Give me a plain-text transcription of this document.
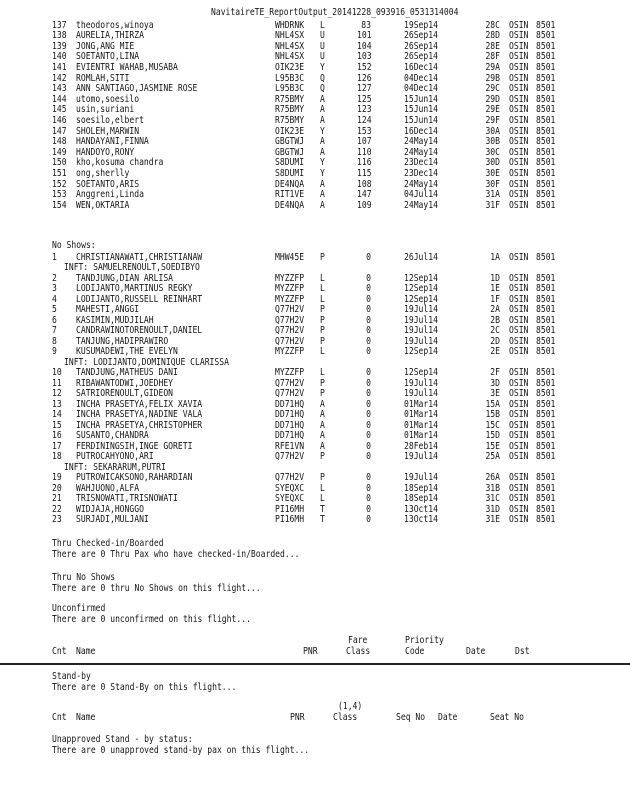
NavitaireTE_ReportOutput_20141228_093916_0531314004
137 theodoros,winoya	WHDRNK L	83	19Sep14	28C OSIN 8501
138 AURELIA,THIRZA	NHL4SX U	101	26Sep14	28D OSIN 8501
139 JONG,ANG MIE	NHL4SX U	104	26Sep14	28E OSIN 8501
140 SOETANTO,LINA	NHL4SX U	103	26Sep14	28F OSIN 8501
141 EVIENTRI WAHAB,MUSABA	OIK23E Y	152	16Dec14	29A OSIN 8501
142 ROMLAH,SITI	L95B3C Q	126	04Dec14	29B OSIN 8501
143 ANN SANTIAGO,JASMINE ROSE	L95B3C Q	127	04Dec14	29C OSIN 8501
144 utomo,soesilo	R75BMY A	125	15Jun14	29D OSIN 8501
145 usin,suriani	R75BMY A	123	15Jun14	29E OSIN 8501
146 soesilo,elbert	R75BMY A	124	15Jun14	29F OSIN 8501
147 SHOLEH,MARWIN	OIK23E Y	153	16Dec14	30A OSIN 8501
148 HANDAYANI,FINNA	GBGTWJ A	107	24May14	30B OSIN 8501
149 HANDOYO,RONY	GBGTWJ A	110	24May14	30C OSIN 8501
150 kho,kosuma chandra	S8DUMI Y	116	23Dec14	30D OSIN 8501
151 ong,sherlly	S8DUMI Y	115	23Dec14	30E OSIN 8501
152 SOETANTO,ARIS	DE4NQA A	108	24May14	30F OSIN 8501
153 Anggreni,Linda	RIT1VE A	147	04Jul14	31A OSIN 8501
154 WEN,OKTARIA	DE4NQA A	109	24May14	31F OSIN 8501
No Shows:
1 CHRISTIANAWATI,CHRISTIANAW	MHW45E P	0	26Jul14	1A OSIN 8501
INFT: SAMUELRENOULT,SOEDIBYO
2 TANDJUNG,DIAN ARLISA	MYZZFP L	0	12Sep14	1D OSIN 8501
3 LODIJANTO,MARTINUS REGKY	MYZZFP L	0	12Sep14	1E OSIN 8501
4 LODIJANTO,RUSSELL REINHART	MYZZFP L	0	12Sep14	1F OSIN 8501
5 MAHESTI,ANGGI	Q77H2V P	0	19Jul14	2A OSIN 8501
6 KASIMIN,MUDJILAH	Q77H2V P	0	19Jul14	2B OSIN 8501
7 CANDRAWINOTORENOULT,DANIEL	Q77H2V P	0	19Jul14	2C OSIN 8501
8 TANJUNG,HADIPRAWIRO	Q77H2V P	0	19Jul14	2D OSIN 8501
9 KUSUMADEWI,THE EVELYN	MYZZFP L	0	12Sep14	2E OSIN 8501
INFT: LODIJANTO,DOMINIQUE CLARISSA
10 TANDJUNG,MATHEUS DANI	MYZZFP L	0	12Sep14	2F OSIN 8501
11 RIBAWANTODWI,JOEDHEY	Q77H2V P	0	19Jul14	3D OSIN 8501
12 SATRIORENOULT,GIDEON	Q77H2V P	0	19Jul14	3E OSIN 8501
13 INCHA PRASETYA,FELIX XAVIA	DD71HQ A	0	01Mar14	15A OSIN 8501
14 INCHA PRASETYA,NADINE VALA	DD71HQ A	0	01Mar14	15B OSIN 8501
15 INCHA PRASETYA,CHRISTOPHER	DD71HQ A	0	01Mar14	15C OSIN 8501
16 SUSANTO,CHANDRA	DD71HQ A	0	01Mar14	15D OSIN 8501
17 FERDININGSIH,INGE GORETI	RFE1VN A	0	28Feb14	15E OSIN 8501
18 PUTROCAHYONO,ARI	Q77H2V P	0	19Jul14	25A OSIN 8501
INFT: SEKARARUM,PUTRI
19 PUTROWICAKSONO,RAHARDIAN	Q77H2V P	0	19Jul14	26A OSIN 8501
20 WAHJUONO,ALFA	SYEQXC L	0	18Sep14	31B OSIN 8501
21 TRISNOWATI,TRISNOWATI	SYEQXC L	0	18Sep14	31C OSIN 8501
22 WIDJAJA,HONGGO	PI16MH T	0	13Oct14	31D OSIN 8501
23 SURJADI,MULJANI	PI16MH T	0	13Oct14	31E OSIN 8501
Thru Checked-in/Boarded
There are 0 Thru Pax who have checked-in/Boarded...
Thru No Shows
There are 0 thru No Shows on this flight...
Unconfirmed
There are 0 unconfirmed on this flight...
Fare	Priority
Cnt Name	PNR	Class	Code	Date	Dst
Stand-by
There are 0 Stand-By on this flight...
(1,4)
Cnt Name	PNR	Class	Seq No Date	Seat No
Unapproved Stand - by status:
There are 0 unapproved stand-by pax on this flight...
